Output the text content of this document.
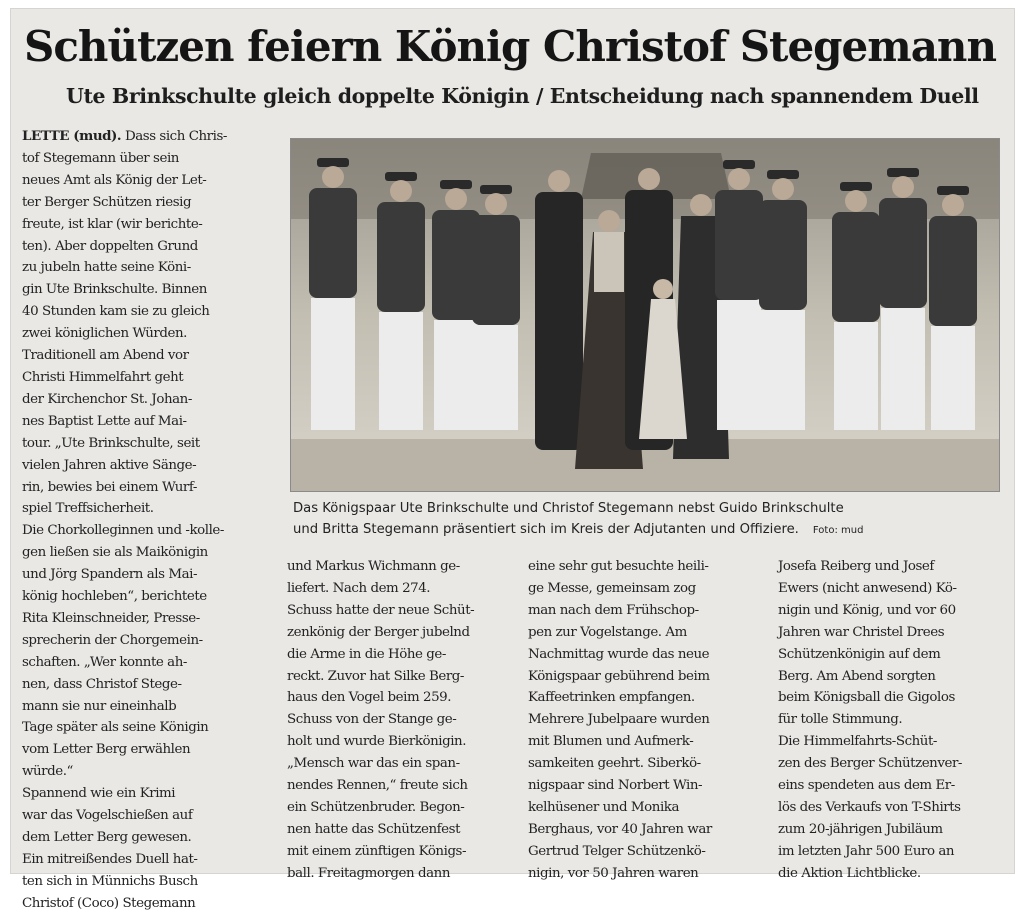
Schützen feiern König Christof Stegemann
Ute Brinkschulte gleich doppelte Königin / Entscheidung nach spannendem Duell
LETTE (mud). Dass sich Chris-
tof Stegemann über sein
neues Amt als König der Let-
ter Berger Schützen riesig
freute, ist klar (wir berichte-
ten). Aber doppelten Grund
zu jubeln hatte seine Köni-
gin Ute Brinkschulte. Binnen
40 Stunden kam sie zu gleich
zwei königlichen Würden.
Traditionell am Abend vor
Christi Himmelfahrt geht
der Kirchenchor St. Johan-
nes Baptist Lette auf Mai-
tour. „Ute Brinkschulte, seit
vielen Jahren aktive Sänge-
rin, bewies bei einem Wurf-
spiel Treffsicherheit.
Die Chorkolleginnen und -kolle-
gen ließen sie als Maikönigin
und Jörg Spandern als Mai-
könig hochleben“, berichtete
Rita Kleinschneider, Presse-
sprecherin der Chorgemein-
schaften. „Wer konnte ah-
nen, dass Christof Stege-
mann sie nur eineinhalb
Tage später als seine Königin
vom Letter Berg erwählen
würde.“
Spannend wie ein Krimi
war das Vogelschießen auf
dem Letter Berg gewesen.
Ein mitreißendes Duell hat-
ten sich in Münnichs Busch
Christof (Coco) Stegemann
Das Königspaar Ute Brinkschulte und Christof Stegemann nebst Guido Brinkschulte
und Britta Stegemann präsentiert sich im Kreis der Adjutanten und Offiziere. Foto: mud
und Markus Wichmann ge-
liefert. Nach dem 274.
Schuss hatte der neue Schüt-
zenkönig der Berger jubelnd
die Arme in die Höhe ge-
reckt. Zuvor hat Silke Berg-
haus den Vogel beim 259.
Schuss von der Stange ge-
holt und wurde Bierkönigin.
„Mensch war das ein span-
nendes Rennen,“ freute sich
ein Schützenbruder. Begon-
nen hatte das Schützenfest
mit einem zünftigen Königs-
ball. Freitagmorgen dann
eine sehr gut besuchte heili-
ge Messe, gemeinsam zog
man nach dem Frühschop-
pen zur Vogelstange. Am
Nachmittag wurde das neue
Königspaar gebührend beim
Kaffeetrinken empfangen.
Mehrere Jubelpaare wurden
mit Blumen und Aufmerk-
samkeiten geehrt. Siberkö-
nigspaar sind Norbert Win-
kelhüsener und Monika
Berghaus, vor 40 Jahren war
Gertrud Telger Schützenkö-
nigin, vor 50 Jahren waren
Josefa Reiberg und Josef
Ewers (nicht anwesend) Kö-
nigin und König, und vor 60
Jahren war Christel Drees
Schützenkönigin auf dem
Berg. Am Abend sorgten
beim Königsball die Gigolos
für tolle Stimmung.
Die Himmelfahrts-Schüt-
zen des Berger Schützenver-
eins spendeten aus dem Er-
lös des Verkaufs von T-Shirts
zum 20-jährigen Jubiläum
im letzten Jahr 500 Euro an
die Aktion Lichtblicke.
